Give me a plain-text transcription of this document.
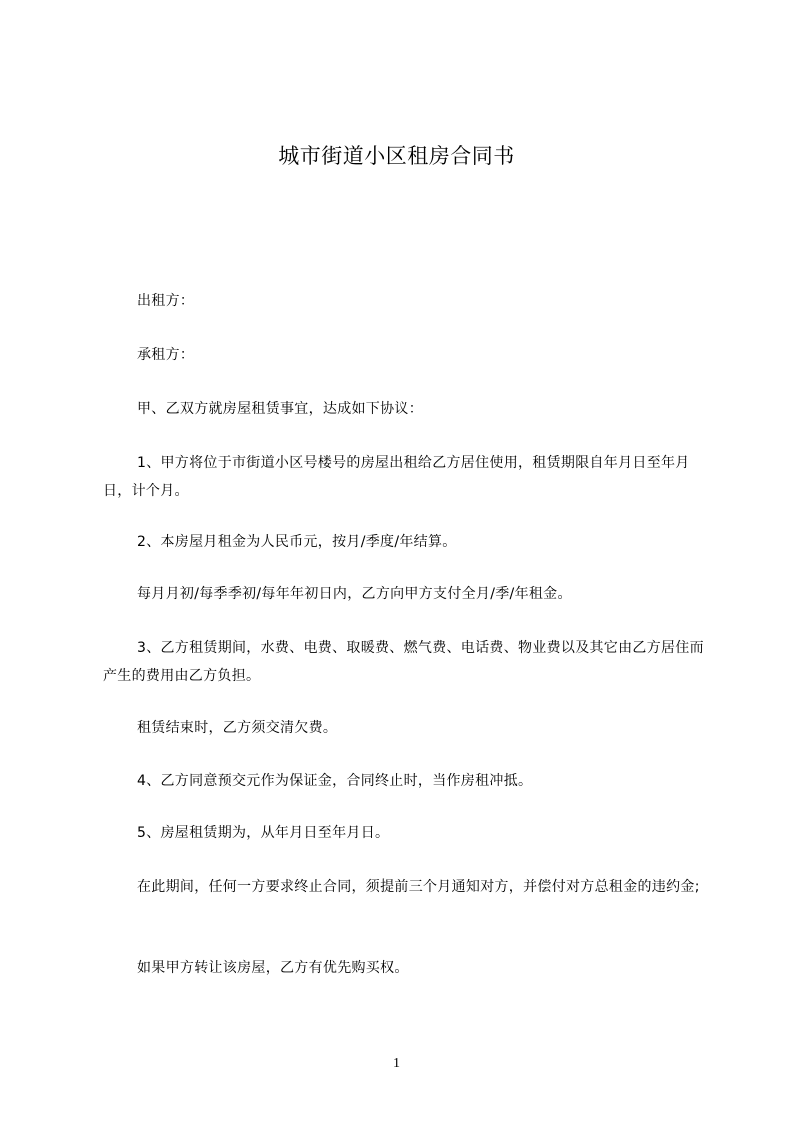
城市街道小区租房合同书
出租方：
承租方：
甲、乙双方就房屋租赁事宜，达成如下协议：
1、甲方将位于市街道小区号楼号的房屋出租给乙方居住使用，租赁期限自年月日至年月日，计个月。
2、本房屋月租金为人民币元，按月/季度/年结算。
每月月初/每季季初/每年年初日内，乙方向甲方支付全月/季/年租金。
3、乙方租赁期间，水费、电费、取暖费、燃气费、电话费、物业费以及其它由乙方居住而产生的费用由乙方负担。
租赁结束时，乙方须交清欠费。
4、乙方同意预交元作为保证金，合同终止时，当作房租冲抵。
5、房屋租赁期为，从年月日至年月日。
在此期间，任何一方要求终止合同，须提前三个月通知对方，并偿付对方总租金的违约金;
如果甲方转让该房屋，乙方有优先购买权。
1
